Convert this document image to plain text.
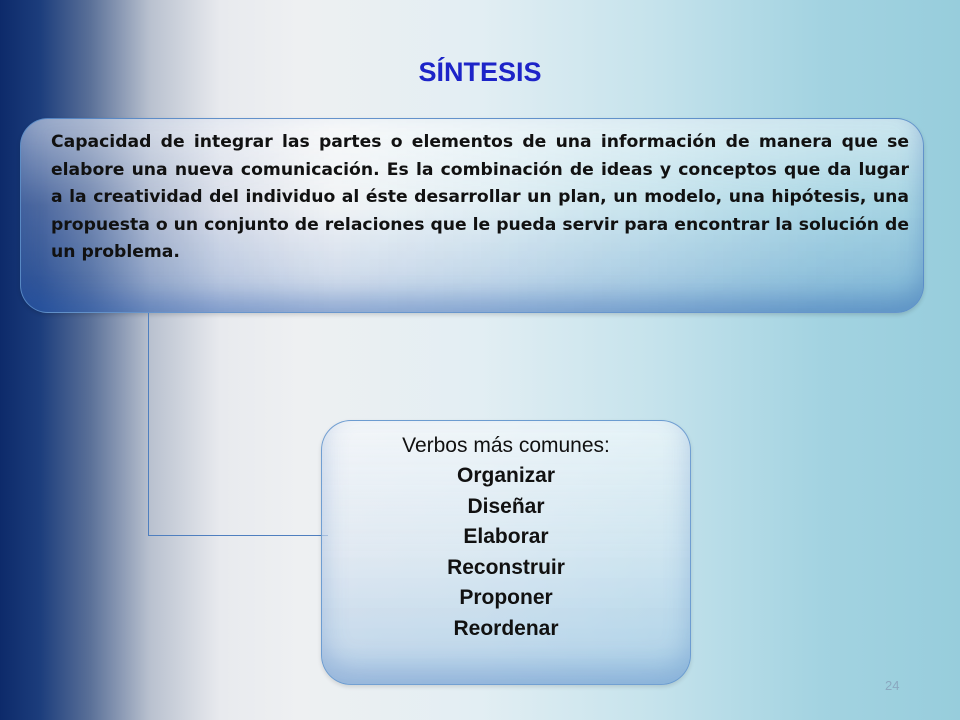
SÍNTESIS

Capacidad de integrar las partes o elementos de una información de manera que se elabore una nueva comunicación. Es la combinación de ideas y conceptos que da lugar a la creatividad del individuo al éste desarrollar un plan, un modelo, una hipótesis, una propuesta o un conjunto de relaciones que le pueda servir para encontrar la solución de un problema.

Verbos más comunes:
Organizar
Diseñar
Elaborar
Reconstruir
Proponer
Reordenar
24
